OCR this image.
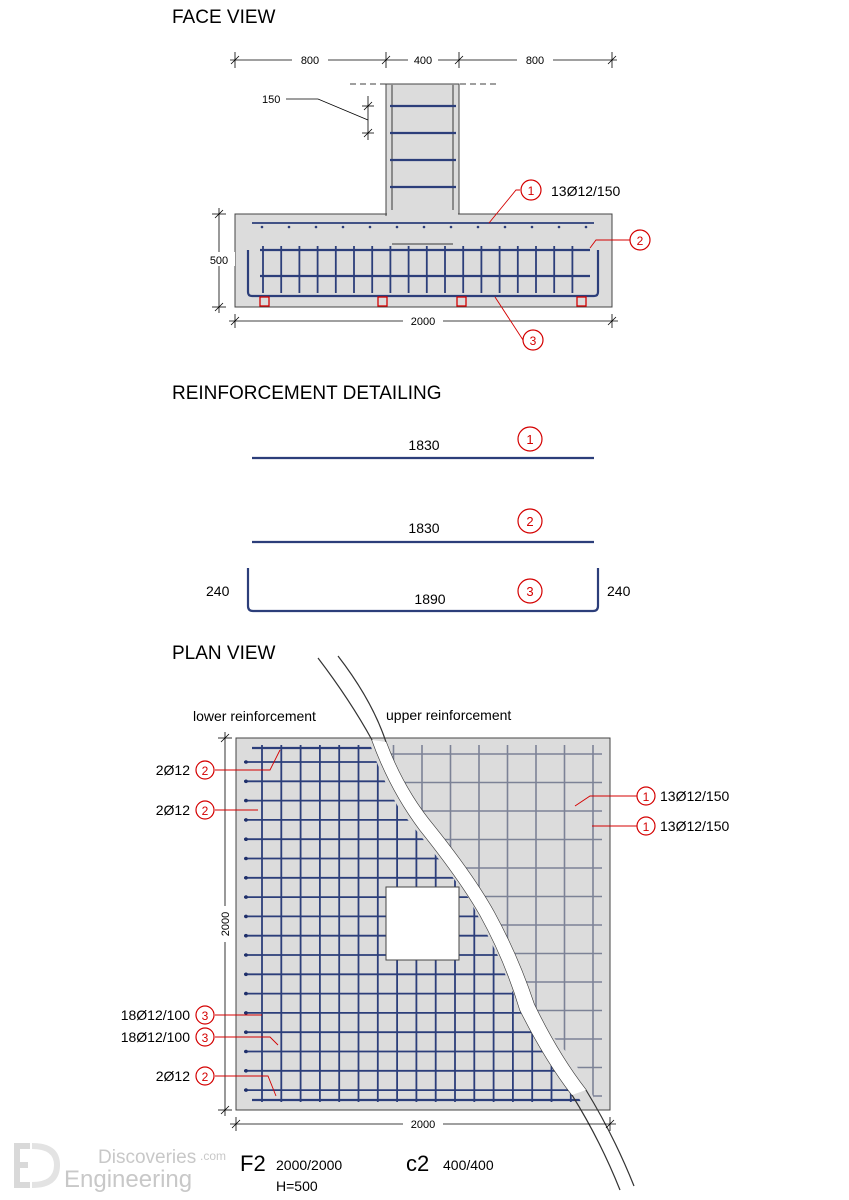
FACE VIEW
800	400	800
150
500
2000
1 13Ø12/150
2
3
REINFORCEMENT DETAILING
1830	1
1830	2
1890	3
240	240
PLAN VIEW
lower reinforcement	upper reinforcement
2000
2000
2
2Ø12
2
2Ø12
3
18Ø12/100
3
18Ø12/100
2
2Ø12
1 13Ø12/150
1 13Ø12/150
F2 2000/2000
H=500
c2 400/400
Discoveries .com
Engineering
